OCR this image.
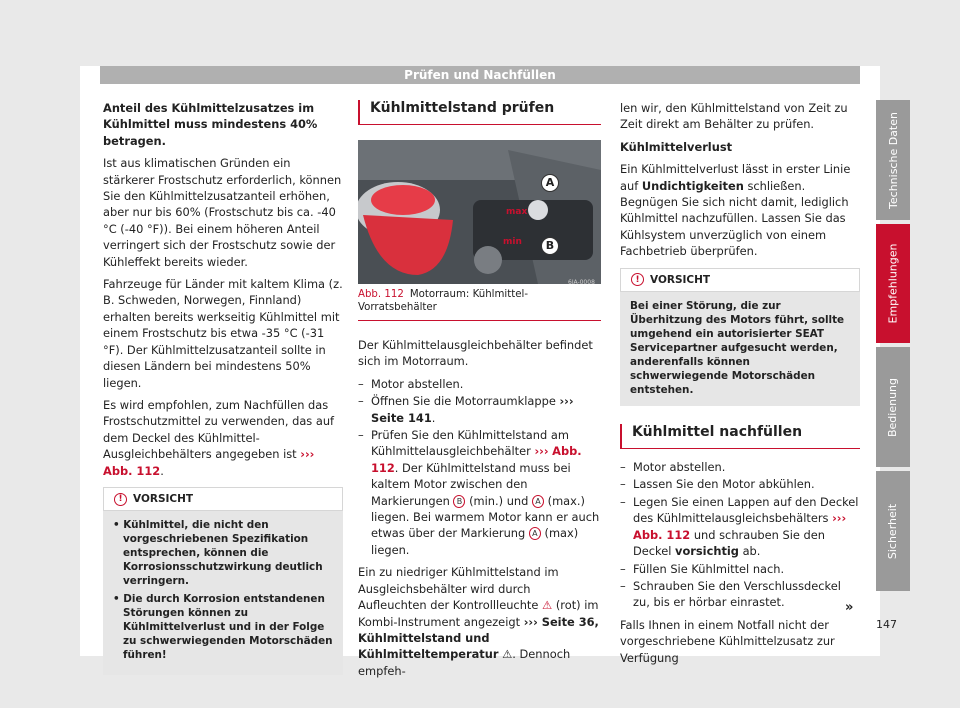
Prüfen und Nachfüllen

Anteil des Kühlmittelzusatzes im Kühlmittel muss mindestens 40% betragen.

Ist aus klimatischen Gründen ein stärkerer Frostschutz erforderlich, können Sie den Kühlmittelzusatzanteil erhöhen, aber nur bis 60% (Frostschutz bis ca. -40 °C (-40 °F)). Bei einem höheren Anteil verringert sich der Frostschutz sowie der Kühleffekt bereits wieder.

Fahrzeuge für Länder mit kaltem Klima (z. B. Schweden, Norwegen, Finnland) erhalten bereits werkseitig Kühlmittel mit einem Frostschutz bis etwa -35 °C (-31 °F). Der Kühlmittelzusatzanteil sollte in diesen Ländern bei mindestens 50% liegen.

Es wird empfohlen, zum Nachfüllen das Frostschutzmittel zu verwenden, das auf dem Deckel des Kühlmittel-Ausgleichbehälters angegeben ist ››› Abb. 112.

! VORSICHT
• Kühlmittel, die nicht den vorgeschriebenen Spezifikation entsprechen, können die Korrosionsschutzwirkung deutlich verringern.
• Die durch Korrosion entstandenen Störungen können zu Kühlmittelverlust und in der Folge zu schwerwiegenden Motorschäden führen!
Kühlmittelstand prüfen
max
min
A
B
6JA-0008
Abb. 112 Motorraum: Kühlmittel-Vorratsbehälter

Der Kühlmittelausgleichbehälter befindet sich im Motorraum.

– Motor abstellen.
– Öffnen Sie die Motorraumklappe ››› Seite 141.
– Prüfen Sie den Kühlmittelstand am Kühlmittelausgleichbehälter ››› Abb. 112. Der Kühlmittelstand muss bei kaltem Motor zwischen den Markierungen B (min.) und A (max.) liegen. Bei warmem Motor kann er auch etwas über der Markierung A (max) liegen.

Ein zu niedriger Kühlmittelstand im Ausgleichsbehälter wird durch Aufleuchten der Kontrollleuchte ⚠ (rot) im Kombi-Instrument angezeigt ››› Seite 36, Kühlmittelstand und Kühlmitteltemperatur ⚠. Dennoch empfeh-

len wir, den Kühlmittelstand von Zeit zu Zeit direkt am Behälter zu prüfen.

Kühlmittelverlust

Ein Kühlmittelverlust lässt in erster Linie auf Undichtigkeiten schließen. Begnügen Sie sich nicht damit, lediglich Kühlmittel nachzufüllen. Lassen Sie das Kühlsystem unverzüglich von einem Fachbetrieb überprüfen.

! VORSICHT
Bei einer Störung, die zur Überhitzung des Motors führt, sollte umgehend ein autorisierter SEAT Servicepartner aufgesucht werden, anderenfalls können schwerwiegende Motorschäden entstehen.
Kühlmittel nachfüllen
– Motor abstellen.
– Lassen Sie den Motor abkühlen.
– Legen Sie einen Lappen auf den Deckel des Kühlmittelausgleichsbehälters ››› Abb. 112 und schrauben Sie den Deckel vorsichtig ab.
– Füllen Sie Kühlmittel nach.
– Schrauben Sie den Verschlussdeckel zu, bis er hörbar einrastet.

Falls Ihnen in einem Notfall nicht der vorgeschriebene Kühlmittelzusatz zur Verfügung

»
Technische Daten
Empfehlungen
Bedienung
Sicherheit
147
